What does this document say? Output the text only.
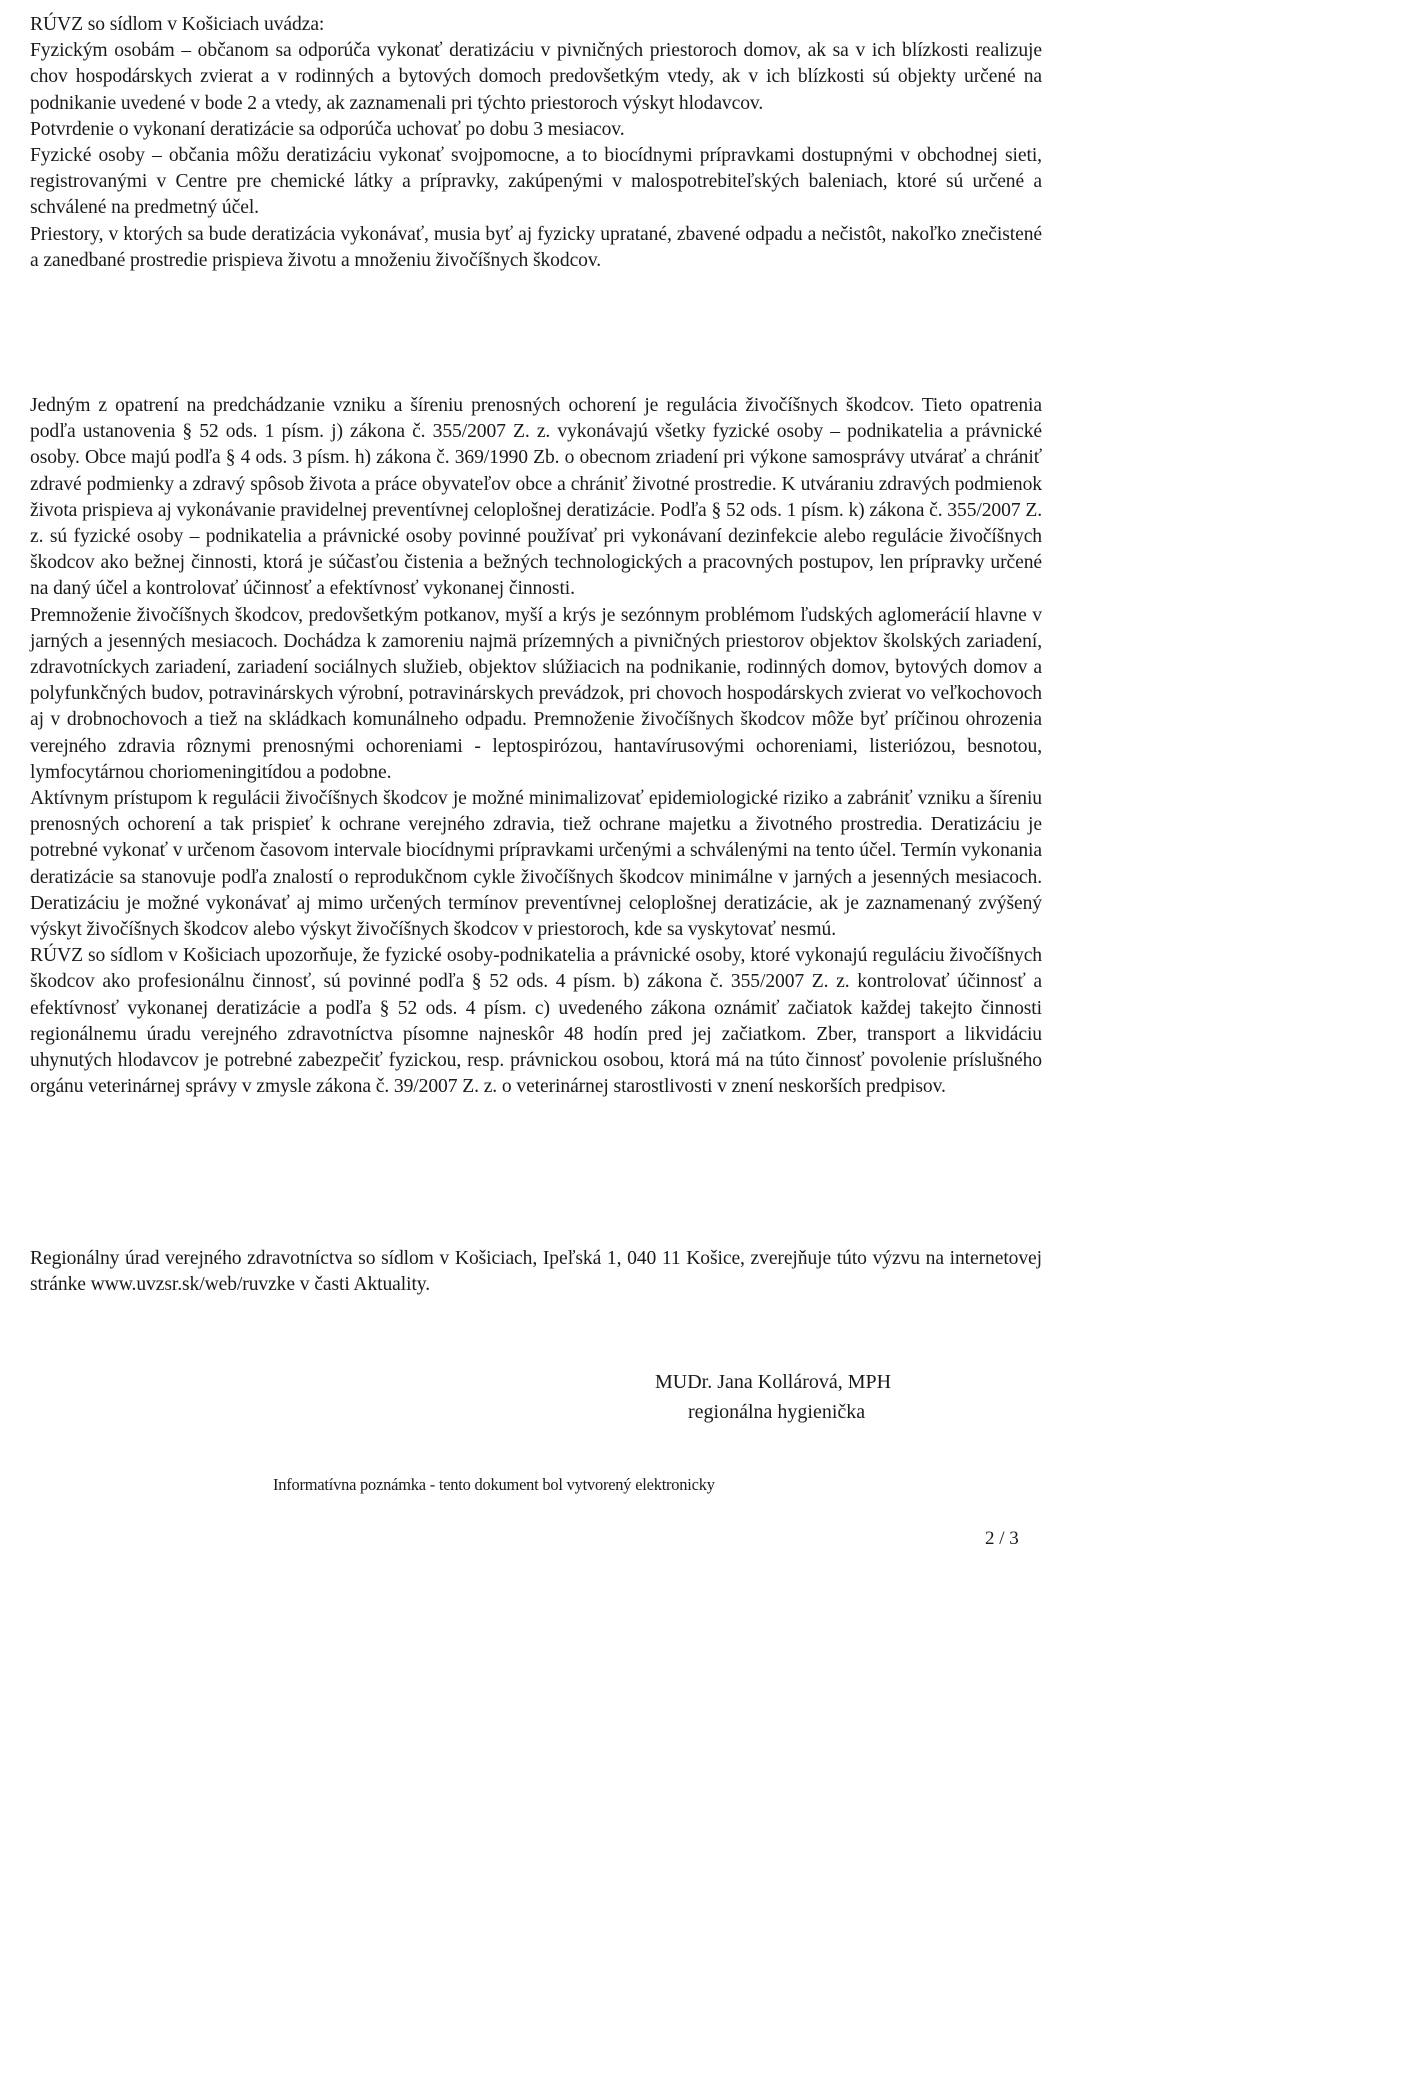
RÚVZ so sídlom v Košiciach uvádza:

Fyzickým osobám – občanom sa odporúča vykonať deratizáciu v pivničných priestoroch domov, ak sa v ich blízkosti realizuje chov hospodárskych zvierat a v rodinných a bytových domoch predovšetkým vtedy, ak v ich blízkosti sú objekty určené na podnikanie uvedené v bode 2 a vtedy, ak zaznamenali pri týchto priestoroch výskyt hlodavcov.

Potvrdenie o vykonaní deratizácie sa odporúča uchovať po dobu 3 mesiacov.

Fyzické osoby – občania môžu deratizáciu vykonať svojpomocne, a to biocídnymi prípravkami dostupnými v obchodnej sieti, registrovanými v Centre pre chemické látky a prípravky, zakúpenými v malospotrebiteľských baleniach, ktoré sú určené a schválené na predmetný účel.

Priestory, v ktorých sa bude deratizácia vykonávať, musia byť aj fyzicky upratané, zbavené odpadu a nečistôt, nakoľko znečistené a zanedbané prostredie prispieva životu a množeniu živočíšnych škodcov.

Jedným z opatrení na predchádzanie vzniku a šíreniu prenosných ochorení je regulácia živočíšnych škodcov. Tieto opatrenia podľa ustanovenia § 52 ods. 1 písm. j) zákona č. 355/2007 Z. z. vykonávajú všetky fyzické osoby – podnikatelia a právnické osoby. Obce majú podľa § 4 ods. 3 písm. h) zákona č. 369/1990 Zb. o obecnom zriadení pri výkone samosprávy utvárať a chrániť zdravé podmienky a zdravý spôsob života a práce obyvateľov obce a chrániť životné prostredie. K utváraniu zdravých podmienok života prispieva aj vykonávanie pravidelnej preventívnej celoplošnej deratizácie. Podľa § 52 ods. 1 písm. k) zákona č. 355/2007 Z. z. sú fyzické osoby – podnikatelia a právnické osoby povinné používať pri vykonávaní dezinfekcie alebo regulácie živočíšnych škodcov ako bežnej činnosti, ktorá je súčasťou čistenia a bežných technologických a pracovných postupov, len prípravky určené na daný účel a kontrolovať účinnosť a efektívnosť vykonanej činnosti.

Premnoženie živočíšnych škodcov, predovšetkým potkanov, myší a krýs je sezónnym problémom ľudských aglomerácií hlavne v jarných a jesenných mesiacoch. Dochádza k zamoreniu najmä prízemných a pivničných priestorov objektov školských zariadení, zdravotníckych zariadení, zariadení sociálnych služieb, objektov slúžiacich na podnikanie, rodinných domov, bytových domov a polyfunkčných budov, potravinárskych výrobní, potravinárskych prevádzok, pri chovoch hospodárskych zvierat vo veľkochovoch aj v drobnochovoch a tiež na skládkach komunálneho odpadu. Premnoženie živočíšnych škodcov môže byť príčinou ohrozenia verejného zdravia rôznymi prenosnými ochoreniami - leptospirózou, hantavírusovými ochoreniami, listeriózou, besnotou, lymfocytárnou choriomeningitídou a podobne.

Aktívnym prístupom k regulácii živočíšnych škodcov je možné minimalizovať epidemiologické riziko a zabrániť vzniku a šíreniu prenosných ochorení a tak prispieť k ochrane verejného zdravia, tiež ochrane majetku a životného prostredia. Deratizáciu je potrebné vykonať v určenom časovom intervale biocídnymi prípravkami určenými a schválenými na tento účel. Termín vykonania deratizácie sa stanovuje podľa znalostí o reprodukčnom cykle živočíšnych škodcov minimálne v jarných a jesenných mesiacoch. Deratizáciu je možné vykonávať aj mimo určených termínov preventívnej celoplošnej deratizácie, ak je zaznamenaný zvýšený výskyt živočíšnych škodcov alebo výskyt živočíšnych škodcov v priestoroch, kde sa vyskytovať nesmú.

RÚVZ so sídlom v Košiciach upozorňuje, že fyzické osoby-podnikatelia a právnické osoby, ktoré vykonajú reguláciu živočíšnych škodcov ako profesionálnu činnosť, sú povinné podľa § 52 ods. 4 písm. b) zákona č. 355/2007 Z. z. kontrolovať účinnosť a efektívnosť vykonanej deratizácie a podľa § 52 ods. 4 písm. c) uvedeného zákona oznámiť začiatok každej takejto činnosti regionálnemu úradu verejného zdravotníctva písomne najneskôr 48 hodín pred jej začiatkom. Zber, transport a likvidáciu uhynutých hlodavcov je potrebné zabezpečiť fyzickou, resp. právnickou osobou, ktorá má na túto činnosť povolenie príslušného orgánu veterinárnej správy v zmysle zákona č. 39/2007 Z. z. o veterinárnej starostlivosti v znení neskorších predpisov.

Regionálny úrad verejného zdravotníctva so sídlom v Košiciach, Ipeľská 1, 040 11 Košice, zverejňuje túto výzvu na internetovej stránke www.uvzsr.sk/web/ruvzke v časti Aktuality.

MUDr. Jana Kollárová, MPH
regionálna hygienička
Informatívna poznámka - tento dokument bol vytvorený elektronicky
2 / 3
